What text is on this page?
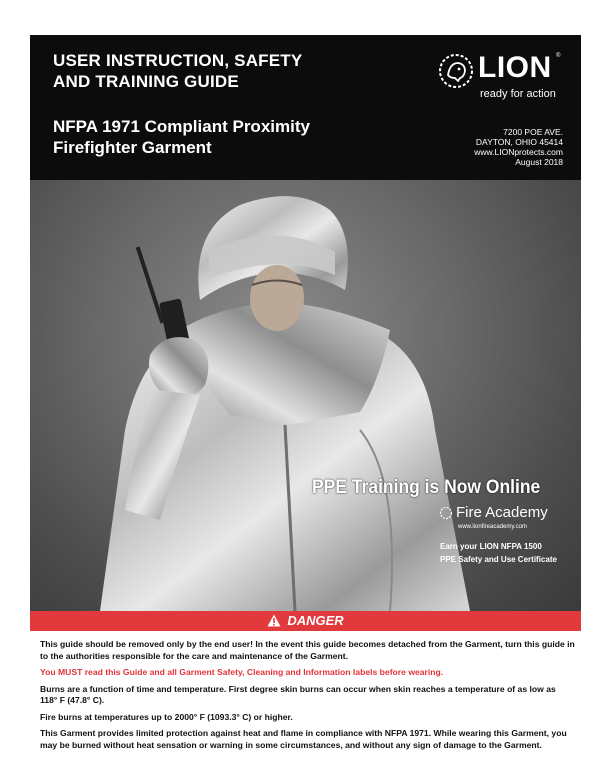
USER INSTRUCTION, SAFETY
AND TRAINING GUIDE
NFPA 1971 Compliant Proximity
Firefighter Garment
LION ®
ready for action
7200 POE AVE.
DAYTON, OHIO 45414
www.LIONprotects.com
August 2018
PPE Training is Now Online
Fire Academy
www.lionfireacademy.com
Earn your LION NFPA 1500
PPE Safety and Use Certificate
DANGER

This guide should be removed only by the end user! In the event this guide becomes detached from the Garment, turn this guide in to the authorities responsible for the care and maintenance of the Garment.

You MUST read this Guide and all Garment Safety, Cleaning and Information labels before wearing.

Burns are a function of time and temperature. First degree skin burns can occur when skin reaches a temperature of as low as 118° F (47.8° C).

Fire burns at temperatures up to 2000° F (1093.3° C) or higher.

This Garment provides limited protection against heat and flame in compliance with NFPA 1971. While wearing this Garment, you may be burned without heat sensation or warning in some circumstances, and without any sign of damage to the Garment.
